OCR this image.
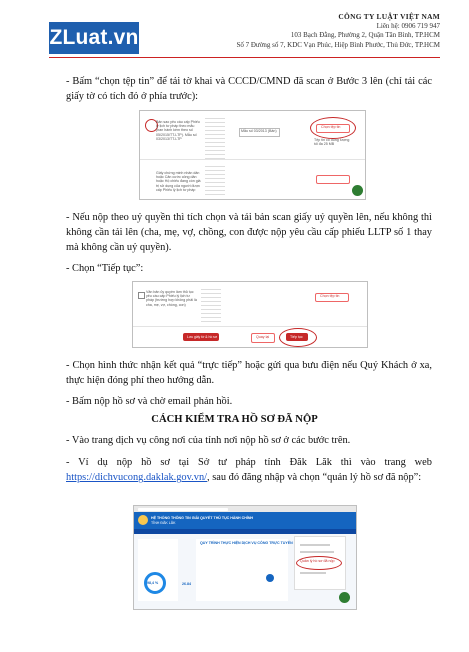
ZLuat.vn
CÔNG TY LUẬT VIỆT NAM
Liên hệ: 0906 719 947
103 Bạch Đằng, Phường 2, Quận Tân Bình, TP.HCM
Số 7 Đường số 7, KDC Vạn Phúc, Hiệp Bình Phước, Thủ Đức, TP.HCM
- Bấm “chọn tệp tin” để tải tờ khai và CCCD/CMND đã scan ở Bước 3 lên (chỉ tải các giấy tờ có tích đỏ ở phía trước):
Bản sao yêu cầu cấp Phiếu lý lịch tư pháp theo mẫu (ban hành kèm theo số 05/2015/TT-LTP). Mẫu số 03/2013/TT-LTP
Mẫu số 03/2013 (Bản)
Chọn tệp tin
Tệp tin có dung lượng tối đa 25 MB
Giấy chứng minh nhân dân hoặc Căn cước công dân hoặc Hộ chiếu đang còn giá trị sử dụng của người được cấp Phiếu lý lịch tư pháp
- Nếu nộp theo uỷ quyền thì tích chọn và tải bản scan giấy uỷ quyền lên, nếu không thì không cần tải lên (cha, mẹ, vợ, chồng, con được nộp yêu cầu cấp phiếu LLTP số 1 thay mà không cần uỷ quyền).
- Chọn “Tiếp tục”:
Văn bản ủy quyền làm thủ tục yêu cầu cấp Phiếu lý lịch tư pháp (trường hợp không phải là cha, mẹ, vợ, chồng, con)
Chọn tệp tin
Lưu giấy tờ & hồ sơ	Quay lại	Tiếp tục
- Chọn hình thức nhận kết quả “trực tiếp” hoặc gửi qua bưu điện nếu Quý Khách ở xa, thực hiện đóng phí theo hướng dẫn.
- Bấm nộp hồ sơ và chờ email phản hồi.
CÁCH KIỂM TRA HỒ SƠ ĐÃ NỘP
- Vào trang dịch vụ công nơi của tỉnh nơi nộp hồ sơ ở các bước trên.
- Ví dụ nộp hồ sơ tại Sở tư pháp tỉnh Đăk Lăk thì vào trang web https://dichvucong.daklak.gov.vn/, sau đó đăng nhập và chọn “quản lý hồ sơ đã nộp”:
HỆ THỐNG THÔNG TIN GIẢI QUYẾT THỦ TỤC HÀNH CHÍNH
TỈNH ĐĂK LĂK
98,4 %	26.84
QUY TRÌNH THỰC HIỆN DỊCH VỤ CÔNG TRỰC TUYẾN
Quản lý hồ sơ đã nộp
